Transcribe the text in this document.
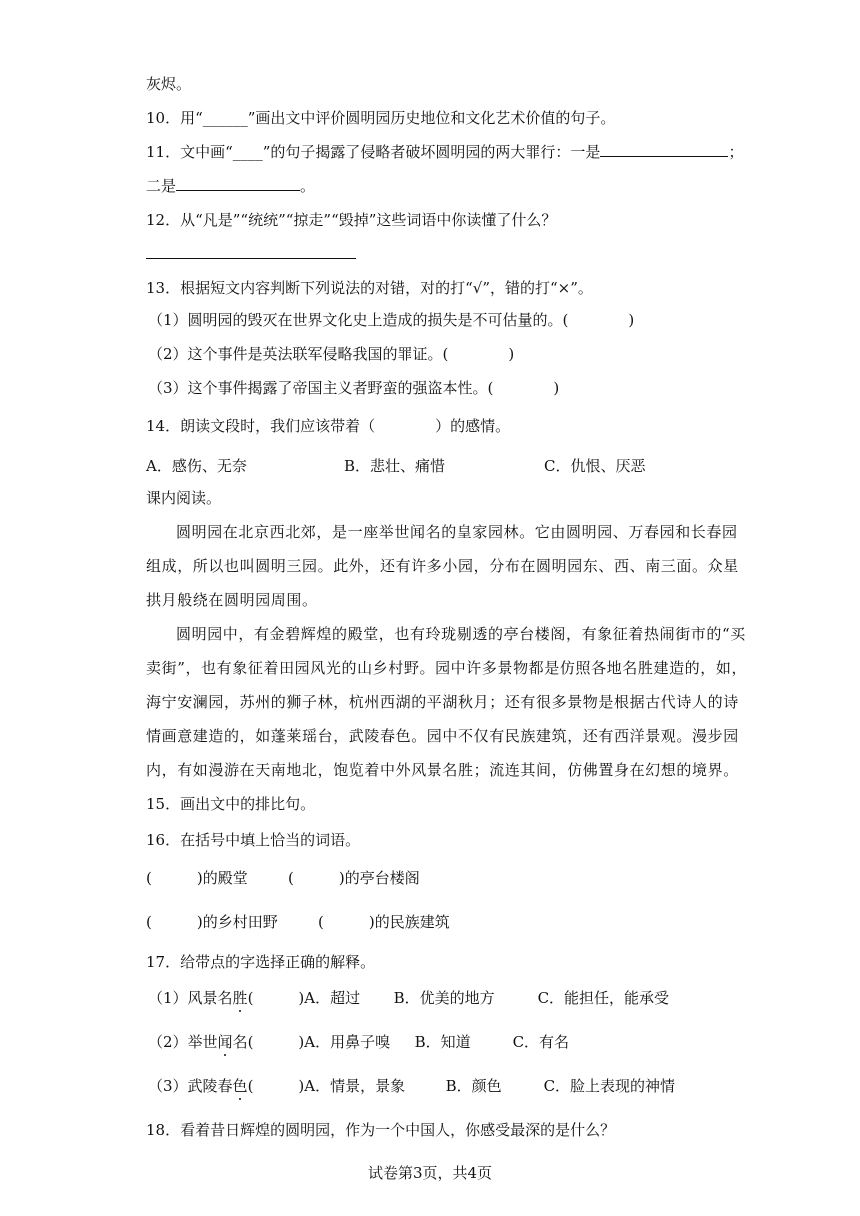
灰烬。
10．用“______”画出文中评价圆明园历史地位和文化艺术价值的句子。
11．文中画“____”的句子揭露了侵略者破坏圆明园的两大罪行：一是	；
二是	。
12．从“凡是”“统统”“掠走”“毁掉”这些词语中你读懂了什么？
13．根据短文内容判断下列说法的对错，对的打“√”，错的打“×”。
（1）圆明园的毁灭在世界文化史上造成的损失是不可估量的。(　　　　)
（2）这个事件是英法联军侵略我国的罪证。(　　　　)
（3）这个事件揭露了帝国主义者野蛮的强盗本性。(　　　　)
14．朗读文段时，我们应该带着（　　　　）的感情。
A．感伤、无奈	B．悲壮、痛惜	C．仇恨、厌恶
课内阅读。
圆明园在北京西北郊，是一座举世闻名的皇家园林。它由圆明园、万春园和长春园
组成，所以也叫圆明三园。此外，还有许多小园，分布在圆明园东、西、南三面。众星
拱月般绕在圆明园周围。
圆明园中，有金碧辉煌的殿堂，也有玲珑剔透的亭台楼阁，有象征着热闹街市的“买
卖街”，也有象征着田园风光的山乡村野。园中许多景物都是仿照各地名胜建造的，如，
海宁安澜园，苏州的狮子林，杭州西湖的平湖秋月；还有很多景物是根据古代诗人的诗
情画意建造的，如蓬莱瑶台，武陵春色。园中不仅有民族建筑，还有西洋景观。漫步园
内，有如漫游在天南地北，饱览着中外风景名胜；流连其间，仿佛置身在幻想的境界。
15．画出文中的排比句。
16．在括号中填上恰当的词语。
(　　　)的殿堂	(　　　)的亭台楼阁
(　　　)的乡村田野	(　　　)的民族建筑
17．给带点的字选择正确的解释。
（1）风景名胜(　　　)A．超过 B．优美的地方	C．能担任，能承受
（2）举世闻名(　　　)A．用鼻子嗅 B．知道	C．有名
（3）武陵春色(　　　)A．情景，景象	B．颜色	C．脸上表现的神情
18．看着昔日辉煌的圆明园，作为一个中国人，你感受最深的是什么？
试卷第3页，共4页
